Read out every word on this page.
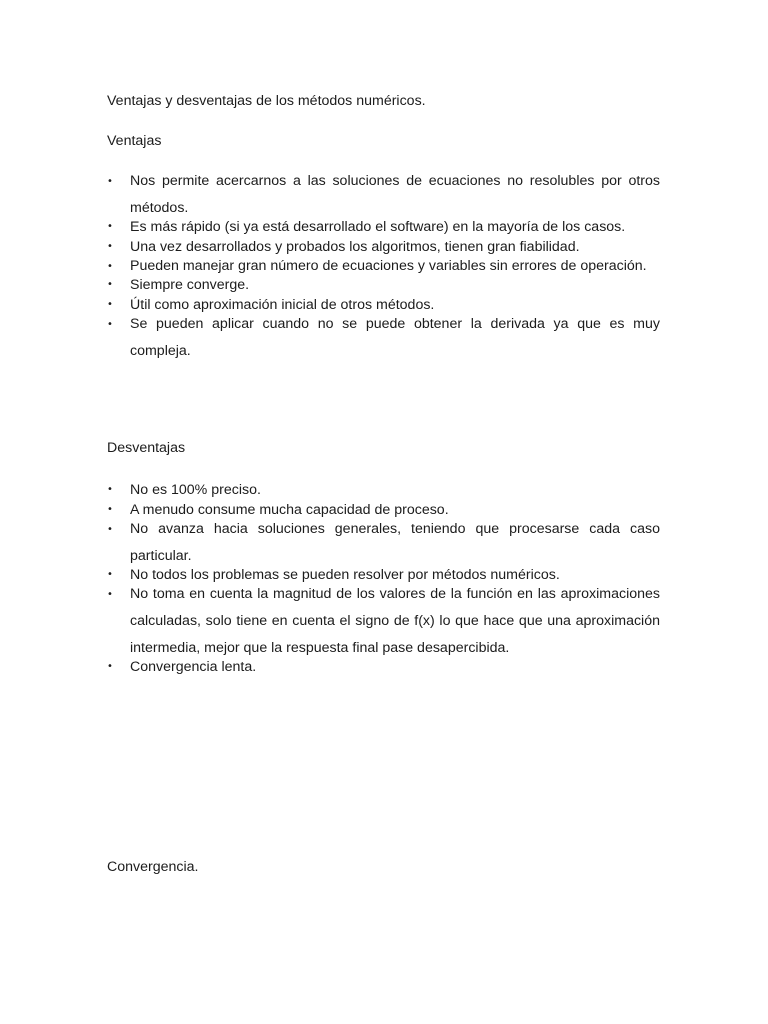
Ventajas y desventajas de los métodos numéricos.

Ventajas

• Nos permite acercarnos a las soluciones de ecuaciones no resolubles por otros métodos.
• Es más rápido (si ya está desarrollado el software) en la mayoría de los casos.
• Una vez desarrollados y probados los algoritmos, tienen gran fiabilidad.
• Pueden manejar gran número de ecuaciones y variables sin errores de operación.
• Siempre converge.
• Útil como aproximación inicial de otros métodos.
• Se pueden aplicar cuando no se puede obtener la derivada ya que es muy compleja.

Desventajas

• No es 100% preciso.
• A menudo consume mucha capacidad de proceso.
• No avanza hacia soluciones generales, teniendo que procesarse cada caso particular.
• No todos los problemas se pueden resolver por métodos numéricos.
• No toma en cuenta la magnitud de los valores de la función en las aproximaciones calculadas, solo tiene en cuenta el signo de f(x) lo que hace que una aproximación intermedia, mejor que la respuesta final pase desapercibida.
• Convergencia lenta.

Convergencia.
